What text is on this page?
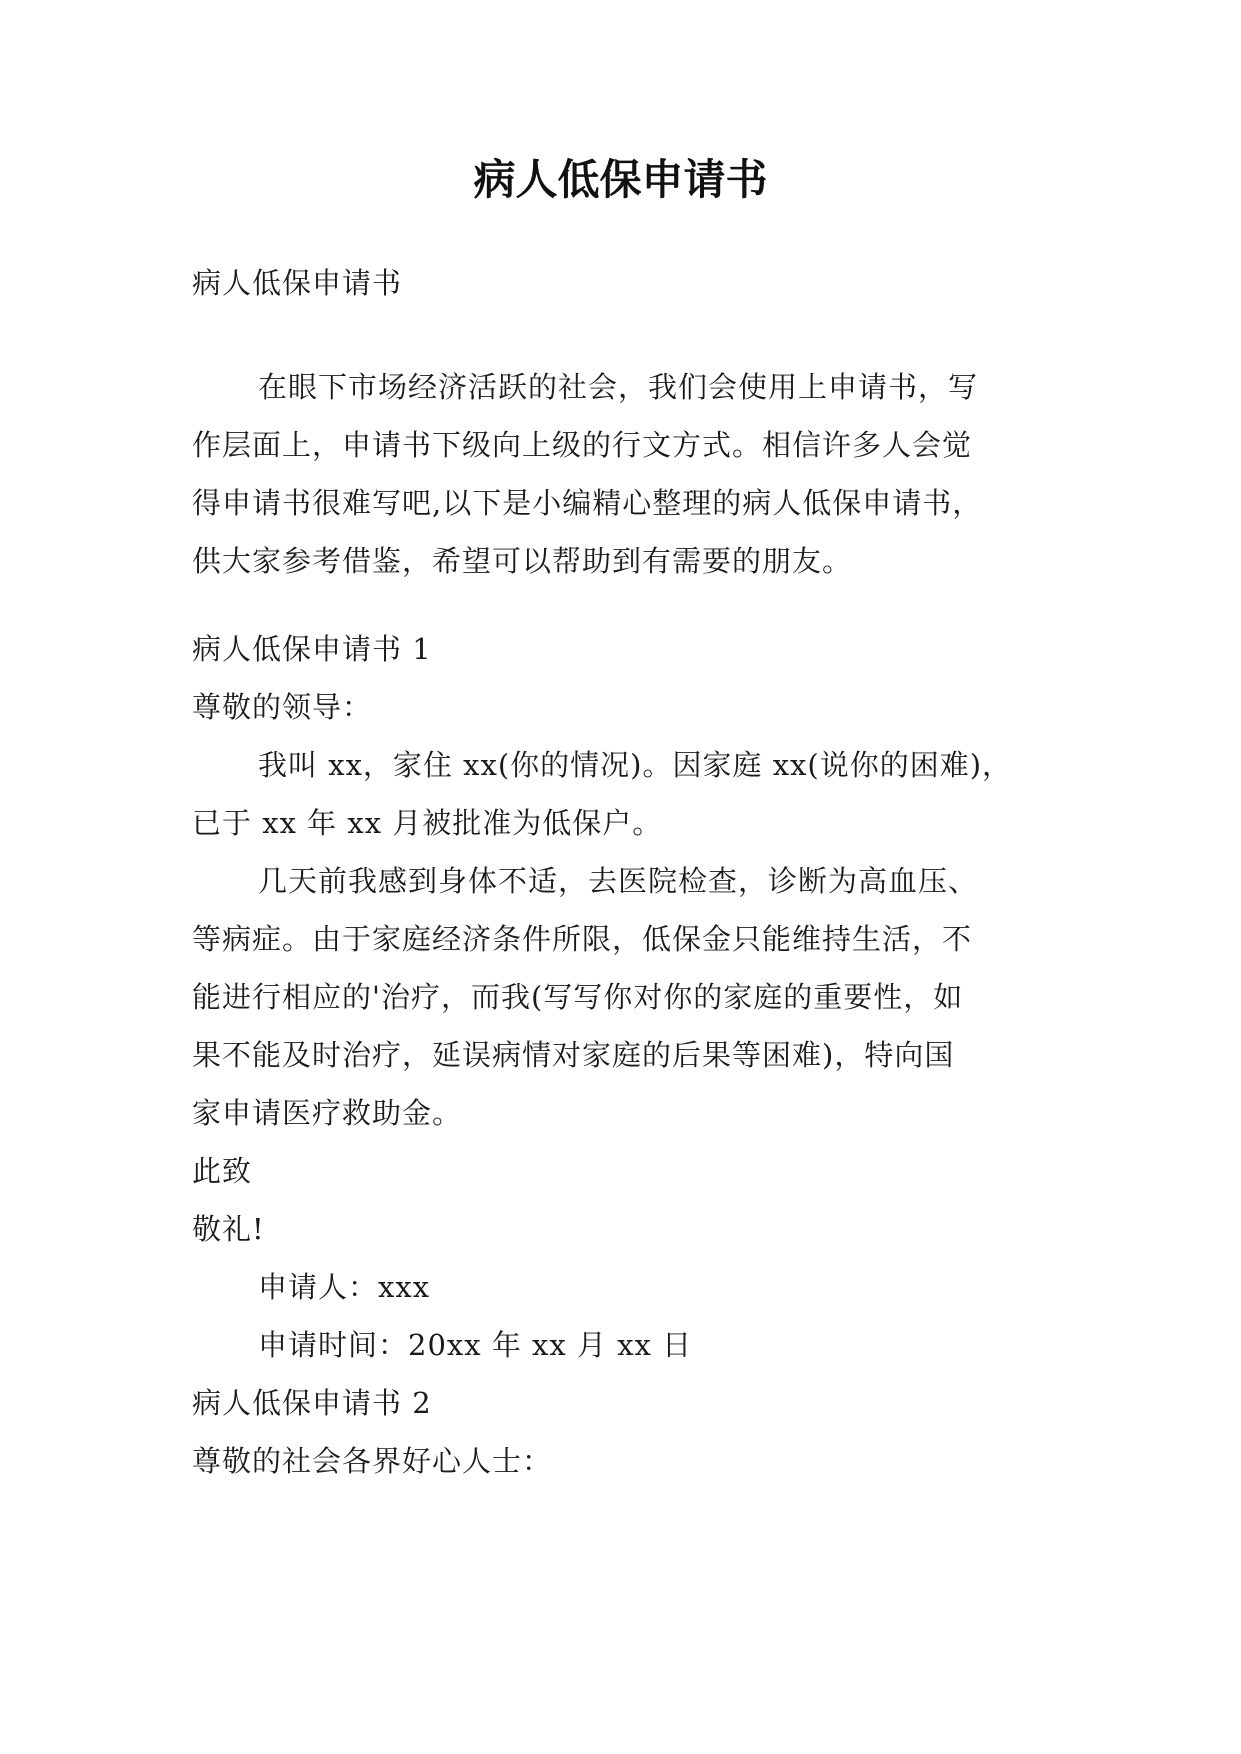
病人低保申请书

病人低保申请书

在眼下市场经济活跃的社会，我们会使用上申请书，写
作层面上，申请书下级向上级的行文方式。相信许多人会觉
得申请书很难写吧,以下是小编精心整理的病人低保申请书，
供大家参考借鉴，希望可以帮助到有需要的朋友。
病人低保申请书 1
尊敬的领导：
我叫 xx，家住 xx(你的情况)。因家庭 xx(说你的困难)，
已于 xx 年 xx 月被批准为低保户。
几天前我感到身体不适，去医院检查，诊断为高血压、
等病症。由于家庭经济条件所限，低保金只能维持生活，不
能进行相应的'治疗，而我(写写你对你的家庭的重要性，如
果不能及时治疗，延误病情对家庭的后果等困难)，特向国
家申请医疗救助金。
此致
敬礼!
申请人：xxx
申请时间：20xx 年 xx 月 xx 日
病人低保申请书 2
尊敬的社会各界好心人士：
